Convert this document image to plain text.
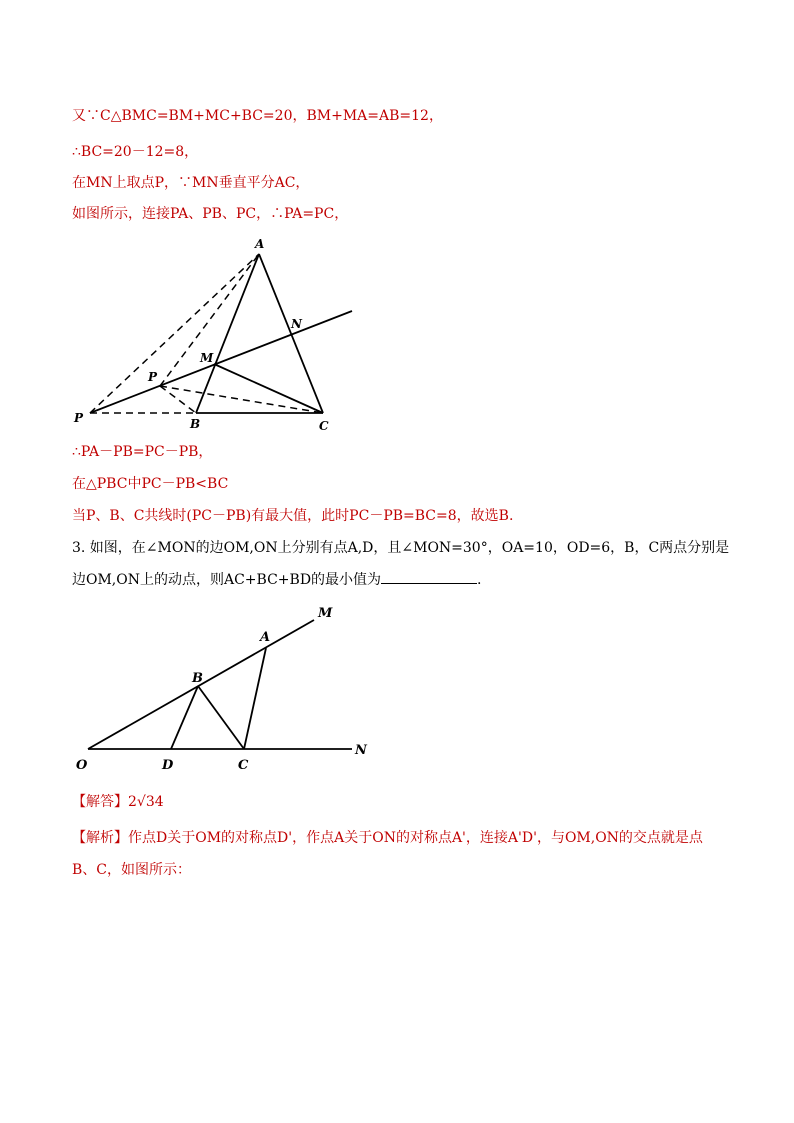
又∵C△BMC=BM+MC+BC=20，BM+MA=AB=12，
∴BC=20－12=8，
在MN上取点P，∵MN垂直平分AC，
如图所示，连接PA、PB、PC，∴PA=PC，
A
N
M
P
P	B	C
∴PA－PB=PC－PB，
在△PBC中PC－PB<BC
当P、B、C共线时(PC－PB)有最大值，此时PC－PB=BC=8，故选B.
3. 如图，在∠MON的边OM,ON上分别有点A,D，且∠MON=30°，OA=10，OD=6，B，C两点分别是
边OM,ON上的动点，则AC+BC+BD的最小值为	.
M
A
B
O	D	C
N
【解答】2√34
【解析】作点D关于OM的对称点D'，作点A关于ON的对称点A'，连接A'D'，与OM,ON的交点就是点
B、C，如图所示：
